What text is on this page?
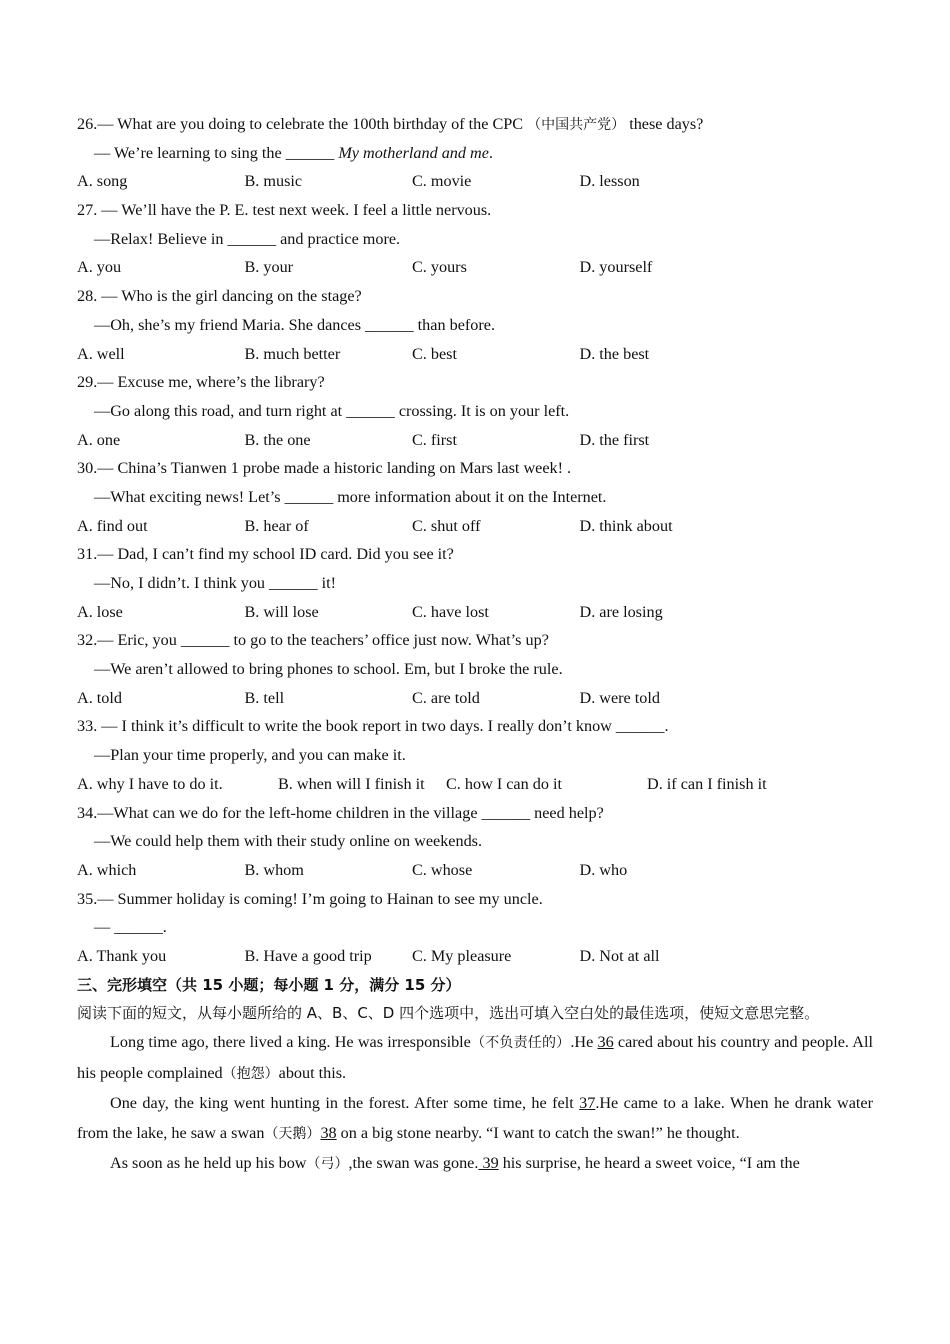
26.— What are you doing to celebrate the 100th birthday of the CPC （中国共产党） these days?
— We’re learning to sing the ______ My motherland and me.
A. song	B. music	C. movie	D. lesson
27. — We’ll have the P. E. test next week. I feel a little nervous.
—Relax! Believe in ______ and practice more.
A. you	B. your	C. yours	D. yourself
28. — Who is the girl dancing on the stage?
—Oh, she’s my friend Maria. She dances ______ than before.
A. well	B. much better	C. best	D. the best
29.— Excuse me, where’s the library?
—Go along this road, and turn right at ______ crossing. It is on your left.
A. one	B. the one	C. first	D. the first
30.— China’s Tianwen 1 probe made a historic landing on Mars last week! .
—What exciting news! Let’s ______ more information about it on the Internet.
A. find out	B. hear of	C. shut off	D. think about
31.— Dad, I can’t find my school ID card. Did you see it?
—No, I didn’t. I think you ______ it!
A. lose	B. will lose	C. have lost	D. are losing
32.— Eric, you ______ to go to the teachers’ office just now. What’s up?
—We aren’t allowed to bring phones to school. Em, but I broke the rule.
A. told	B. tell	C. are told	D. were told
33. — I think it’s difficult to write the book report in two days. I really don’t know ______.
—Plan your time properly, and you can make it.
A. why I have to do it.	B. when will I finish it	C. how I can do it	D. if can I finish it
34.—What can we do for the left-home children in the village ______ need help?
—We could help them with their study online on weekends.
A. which	B. whom	C. whose	D. who
35.— Summer holiday is coming! I’m going to Hainan to see my uncle.
— ______.
A. Thank you	B. Have a good trip	C. My pleasure	D. Not at all
三、完形填空（共 15 小题；每小题 1 分，满分 15 分）
阅读下面的短文，从每小题所给的 A、B、C、D 四个选项中，选出可填入空白处的最佳选项，使短文意思完整。
Long time ago, there lived a king. He was irresponsible（不负责任的）.He 36 cared about his country and people. All his people complained（抱怨）about this.
One day, the king went hunting in the forest. After some time, he felt 37.He came to a lake. When he drank water from the lake, he saw a swan（天鹅）38 on a big stone nearby. “I want to catch the swan!” he thought.
As soon as he held up his bow（弓）,the swan was gone. 39 his surprise, he heard a sweet voice, “I am the
